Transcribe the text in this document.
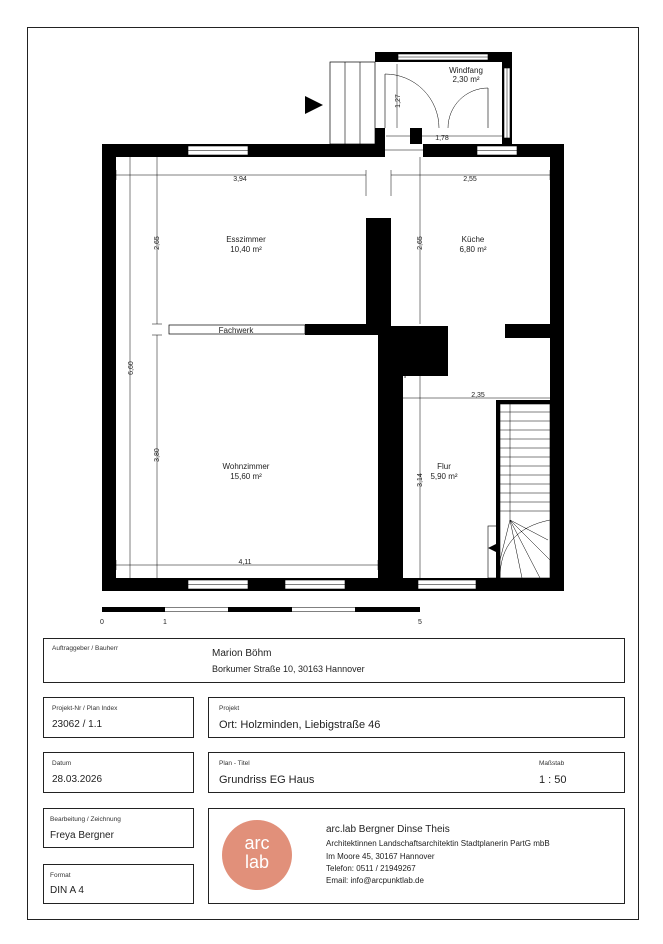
Windfang
2,30 m²
Esszimmer
10,40 m²
Küche
6,80 m²
Wohnzimmer
15,60 m²
Flur
5,90 m²
Fachwerk
3,94	2,55
1,78
2,35
4,11
1,27
2,65	2,65
6,60
3,80
3,14
0	1	5
Auftraggeber / Bauherr	Marion Böhm
Borkumer Straße 10, 30163 Hannover
Projekt-Nr / Plan Index
23062 / 1.1
Projekt
Ort: Holzminden, Liebigstraße 46
Datum
28.03.2026
Plan - Titel
Grundriss EG Haus
Maßstab
1 : 50
Bearbeitung / Zeichnung
Freya Bergner
Format
DIN A 4
arc
lab
arc.lab Bergner Dinse Theis
Architektinnen Landschaftsarchitektin Stadtplanerin PartG mbB
Im Moore 45, 30167 Hannover
Telefon: 0511 / 21949267
Email: info@arcpunktlab.de
